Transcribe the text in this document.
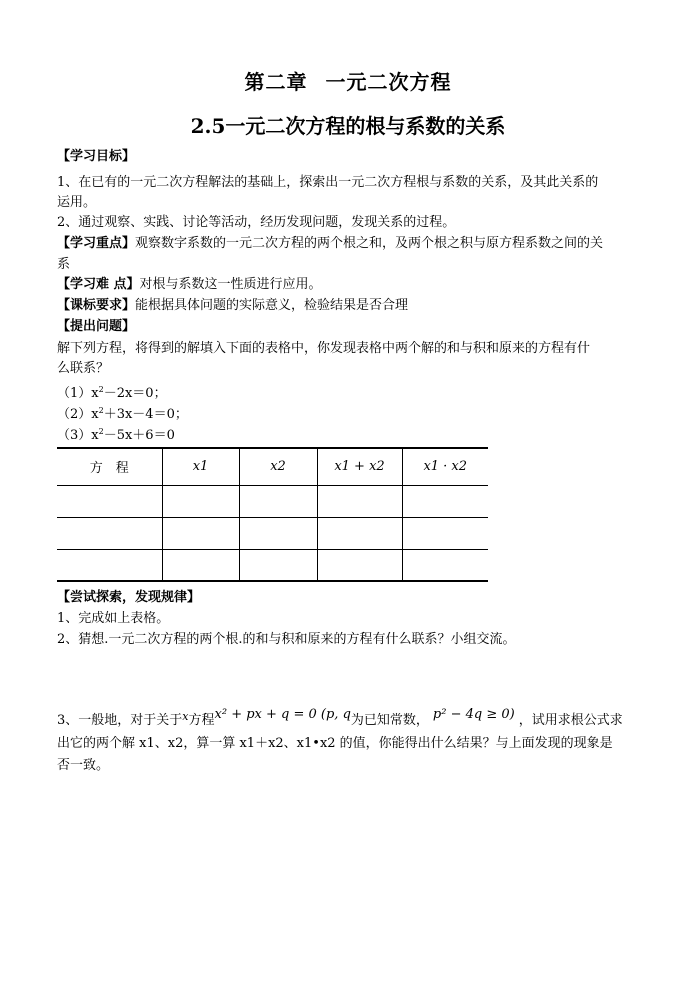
第二章 一元二次方程
2.5一元二次方程的根与系数的关系
【学习目标】
1、在已有的一元二次方程解法的基础上，探索出一元二次方程根与系数的关系，及其此关系的
运用。
2、通过观察、实践、讨论等活动，经历发现问题，发现关系的过程。
【学习重点】观察数字系数的一元二次方程的两个根之和，及两个根之积与原方程系数之间的关
系
【学习难 点】对根与系数这一性质进行应用。
【课标要求】能根据具体问题的实际意义，检验结果是否合理
【提出问题】
解下列方程，将得到的解填入下面的表格中，你发现表格中两个解的和与积和原来的方程有什
么联系？
$(1)x^2-2x=0$；
$(2)x^2+3x-4=0$；
$(3)x^2-5x+6=0$
方　程	x1	x2	x1 + x2	x1 · x2

【尝试探索，发现规律】
1、完成如上表格。
2、猜想.一元二次方程的两个根.的和与积和原来的方程有什么联系？小组交流。
3、一般地，对于关于$^x$方程x² + px + q = 0 (p, q为已知常数， p² − 4q ≥ 0) ，试用求根公式求
出它的两个解 x1、x2，算一算 x1＋x2、x1•x2 的值，你能得出什么结果？与上面发现的现象是
否一致。
